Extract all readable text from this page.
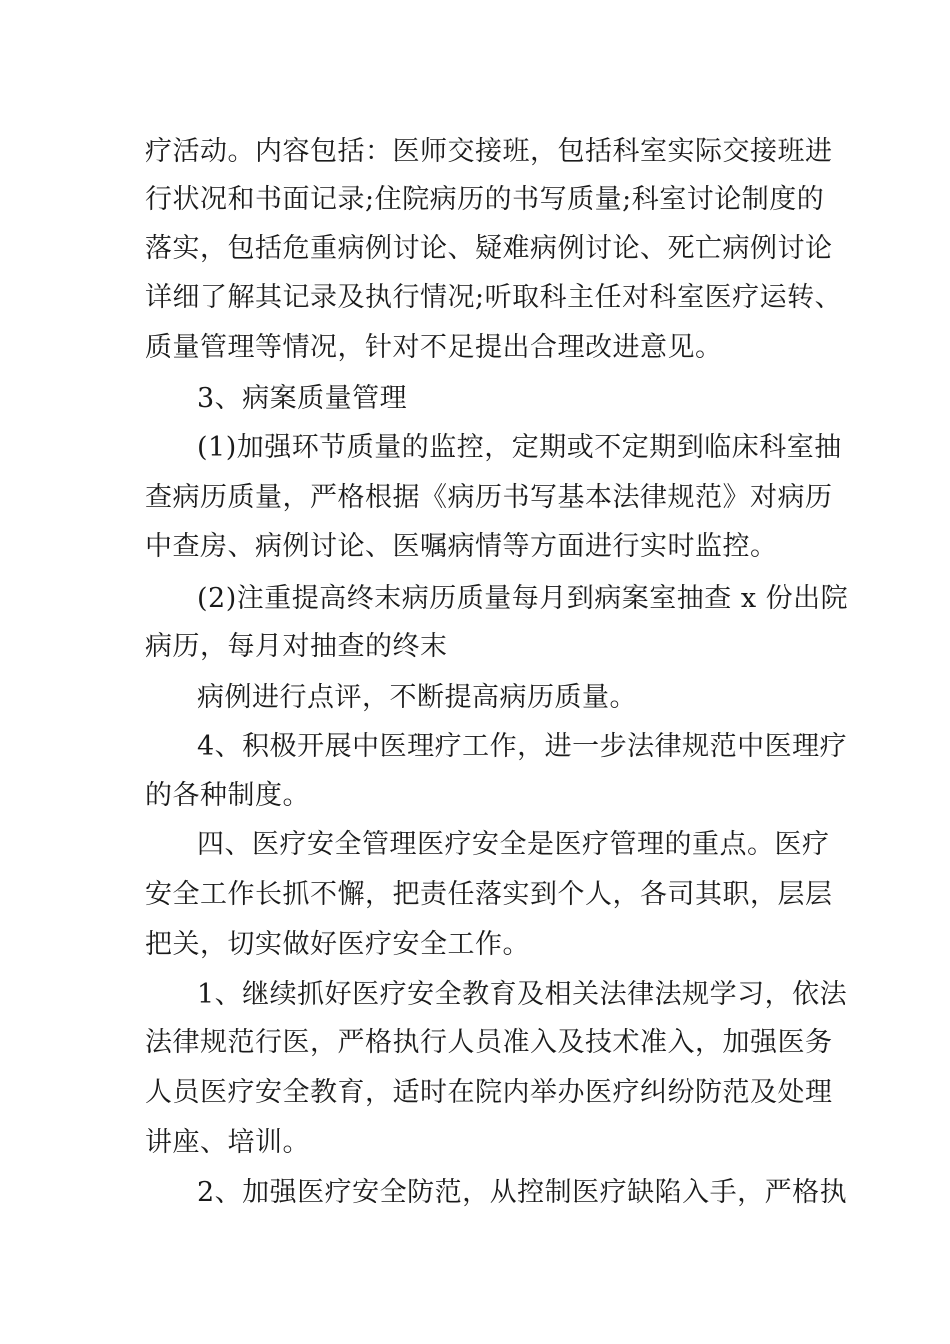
疗活动。内容包括：医师交接班，包括科室实际交接班进

行状况和书面记录;住院病历的书写质量;科室讨论制度的

落实，包括危重病例讨论、疑难病例讨论、死亡病例讨论

详细了解其记录及执行情况;听取科主任对科室医疗运转、

质量管理等情况，针对不足提出合理改进意见。

3、病案质量管理

(1)加强环节质量的监控，定期或不定期到临床科室抽

查病历质量，严格根据《病历书写基本法律规范》对病历

中查房、病例讨论、医嘱病情等方面进行实时监控。

(2)注重提高终末病历质量每月到病案室抽查 x 份出院

病历，每月对抽查的终末

病例进行点评，不断提高病历质量。

4、积极开展中医理疗工作，进一步法律规范中医理疗

的各种制度。

四、医疗安全管理医疗安全是医疗管理的重点。医疗

安全工作长抓不懈，把责任落实到个人，各司其职，层层

把关，切实做好医疗安全工作。

1、继续抓好医疗安全教育及相关法律法规学习，依法

法律规范行医，严格执行人员准入及技术准入，加强医务

人员医疗安全教育，适时在院内举办医疗纠纷防范及处理

讲座、培训。

2、加强医疗安全防范，从控制医疗缺陷入手，严格执
